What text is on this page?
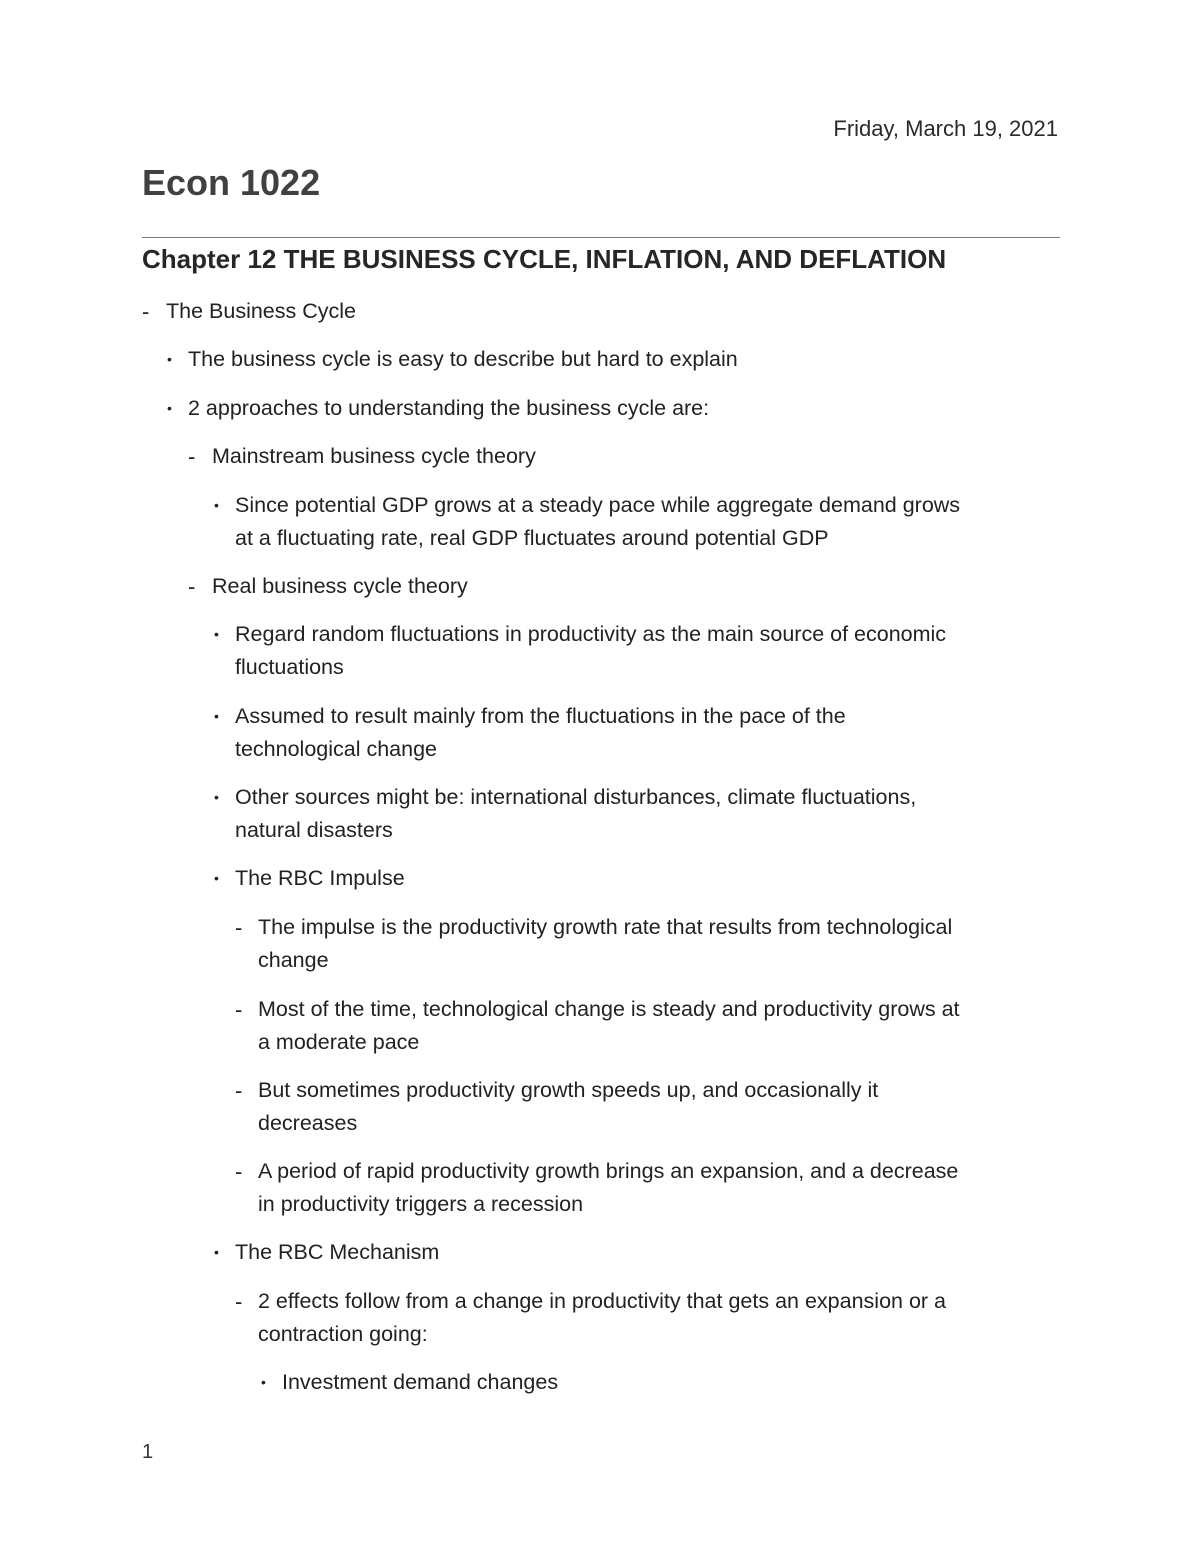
Friday, March 19, 2021
Econ 1022
Chapter 12 THE BUSINESS CYCLE, INFLATION, AND DEFLATION
- The Business Cycle
• The business cycle is easy to describe but hard to explain
• 2 approaches to understanding the business cycle are:
- Mainstream business cycle theory
• Since potential GDP grows at a steady pace while aggregate demand grows
at a fluctuating rate, real GDP fluctuates around potential GDP
- Real business cycle theory
• Regard random fluctuations in productivity as the main source of economic
fluctuations
• Assumed to result mainly from the fluctuations in the pace of the
technological change
• Other sources might be: international disturbances, climate fluctuations,
natural disasters
• The RBC Impulse
- The impulse is the productivity growth rate that results from technological
change
- Most of the time, technological change is steady and productivity grows at
a moderate pace
- But sometimes productivity growth speeds up, and occasionally it
decreases
- A period of rapid productivity growth brings an expansion, and a decrease
in productivity triggers a recession
• The RBC Mechanism
- 2 effects follow from a change in productivity that gets an expansion or a
contraction going:
• Investment demand changes
1
